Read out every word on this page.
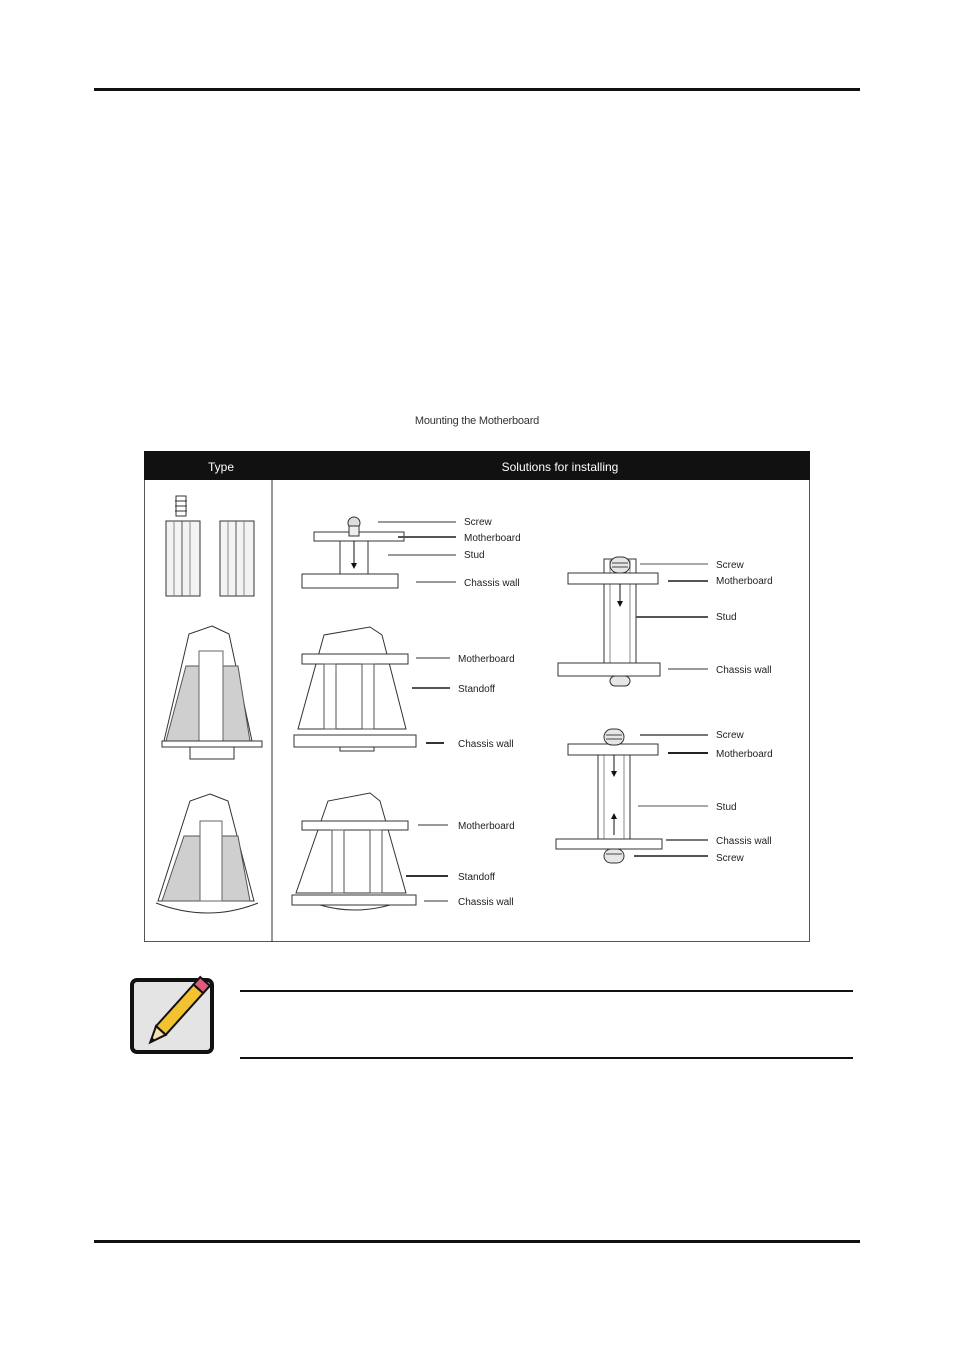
Mounting the Motherboard
Type	Solutions for installing
Screw
Motherboard
Stud
Chassis wall
Motherboard
Standoff
Chassis wall
Motherboard
Standoff
Chassis wall
Screw
Motherboard
Stud
Chassis wall
Screw
Motherboard
Stud
Chassis wall
Screw
